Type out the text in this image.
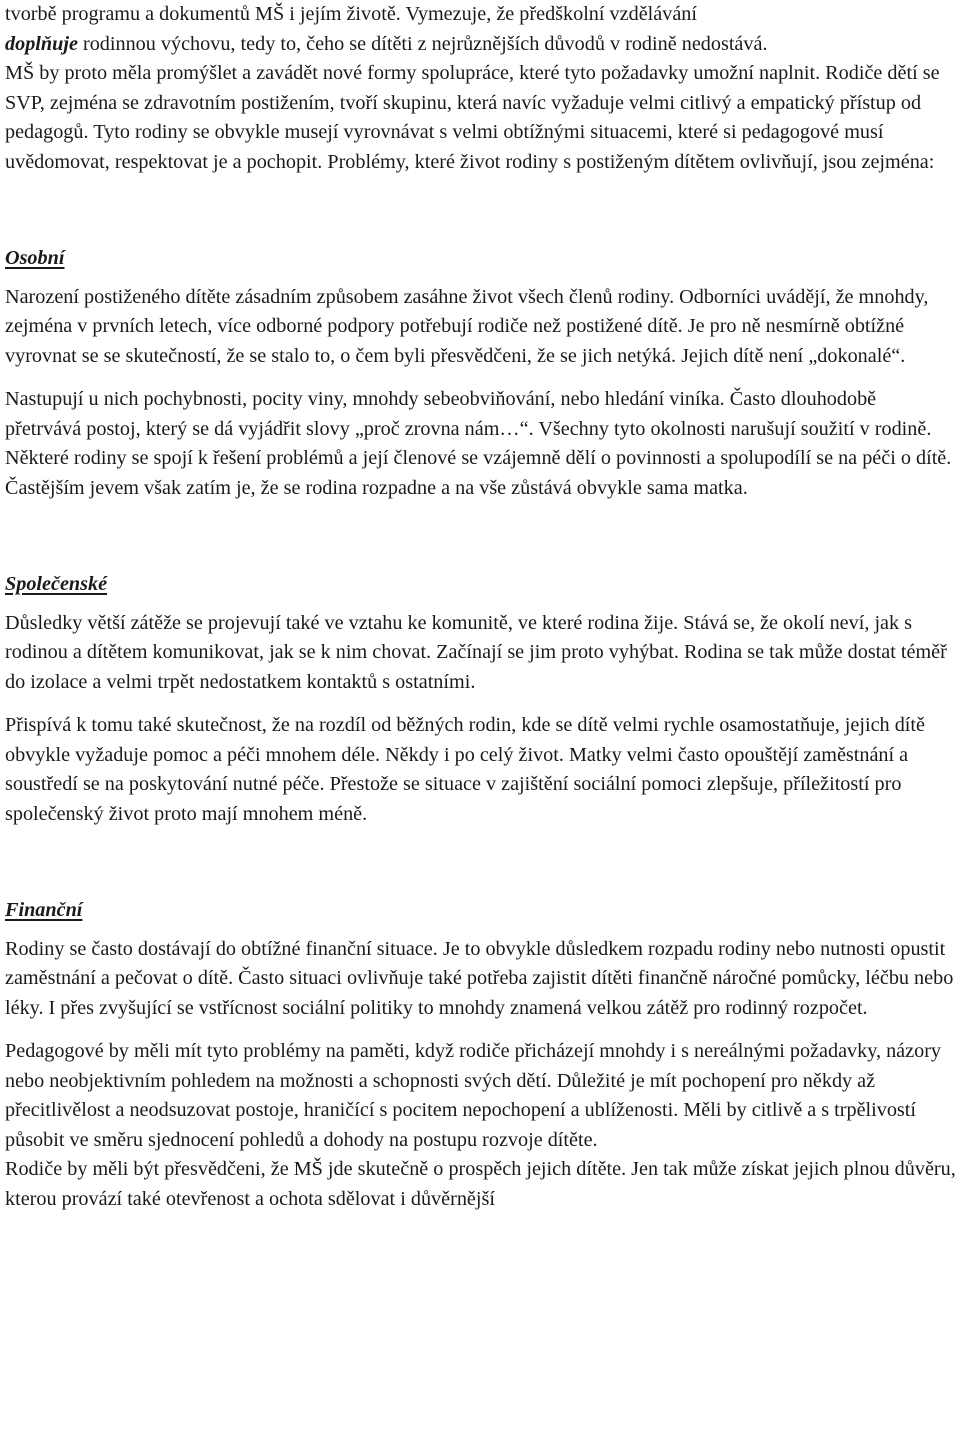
tvorbě programu a dokumentů MŠ i jejím životě. Vymezuje, že předškolní vzdělávání
doplňuje rodinnou výchovu, tedy to, čeho se dítěti z nejrůznějších důvodů v rodině nedostává.

MŠ by proto měla promýšlet a zavádět nové formy spolupráce, které tyto požadavky umožní naplnit. Rodiče dětí se SVP, zejména se zdravotním postižením, tvoří skupinu, která navíc vyžaduje velmi citlivý a empatický přístup od pedagogů. Tyto rodiny se obvykle musejí vyrovnávat s velmi obtížnými situacemi, které si pedagogové musí uvědomovat, respektovat je a pochopit. Problémy, které život rodiny s postiženým dítětem ovlivňují, jsou zejména:

Osobní

Narození postiženého dítěte zásadním způsobem zasáhne život všech členů rodiny. Odborníci uvádějí, že mnohdy, zejména v prvních letech, více odborné podpory potřebují rodiče než postižené dítě. Je pro ně nesmírně obtížné vyrovnat se se skutečností, že se stalo to, o čem byli přesvědčeni, že se jich netýká. Jejich dítě není „dokonalé“.

Nastupují u nich pochybnosti, pocity viny, mnohdy sebeobviňování, nebo hledání viníka. Často dlouhodobě přetrvává postoj, který se dá vyjádřit slovy „proč zrovna nám…“. Všechny tyto okolnosti narušují soužití v rodině. Některé rodiny se spojí k řešení problémů a její členové se vzájemně dělí o povinnosti a spolupodílí se na péči o dítě. Častějším jevem však zatím je, že se rodina rozpadne a na vše zůstává obvykle sama matka.

Společenské

Důsledky větší zátěže se projevují také ve vztahu ke komunitě, ve které rodina žije. Stává se, že okolí neví, jak s rodinou a dítětem komunikovat, jak se k nim chovat. Začínají se jim proto vyhýbat. Rodina se tak může dostat téměř do izolace a velmi trpět nedostatkem kontaktů s ostatními.

Přispívá k tomu také skutečnost, že na rozdíl od běžných rodin, kde se dítě velmi rychle osamostatňuje, jejich dítě obvykle vyžaduje pomoc a péči mnohem déle. Někdy i po celý život. Matky velmi často opouštějí zaměstnání a soustředí se na poskytování nutné péče. Přestože se situace v zajištění sociální pomoci zlepšuje, příležitostí pro společenský život proto mají mnohem méně.

Finanční

Rodiny se často dostávají do obtížné finanční situace. Je to obvykle důsledkem rozpadu rodiny nebo nutnosti opustit zaměstnání a pečovat o dítě. Často situaci ovlivňuje také potřeba zajistit dítěti finančně náročné pomůcky, léčbu nebo léky. I přes zvyšující se vstřícnost sociální politiky to mnohdy znamená velkou zátěž pro rodinný rozpočet.

Pedagogové by měli mít tyto problémy na paměti, když rodiče přicházejí mnohdy i s nereálnými požadavky, názory nebo neobjektivním pohledem na možnosti a schopnosti svých dětí. Důležité je mít pochopení pro někdy až přecitlivělost a neodsuzovat postoje, hraničící s pocitem nepochopení a ublíženosti. Měli by citlivě a s trpělivostí působit ve směru sjednocení pohledů a dohody na postupu rozvoje dítěte.

Rodiče by měli být přesvědčeni, že MŠ jde skutečně o prospěch jejich dítěte. Jen tak může získat jejich plnou důvěru, kterou provází také otevřenost a ochota sdělovat i důvěrnější
